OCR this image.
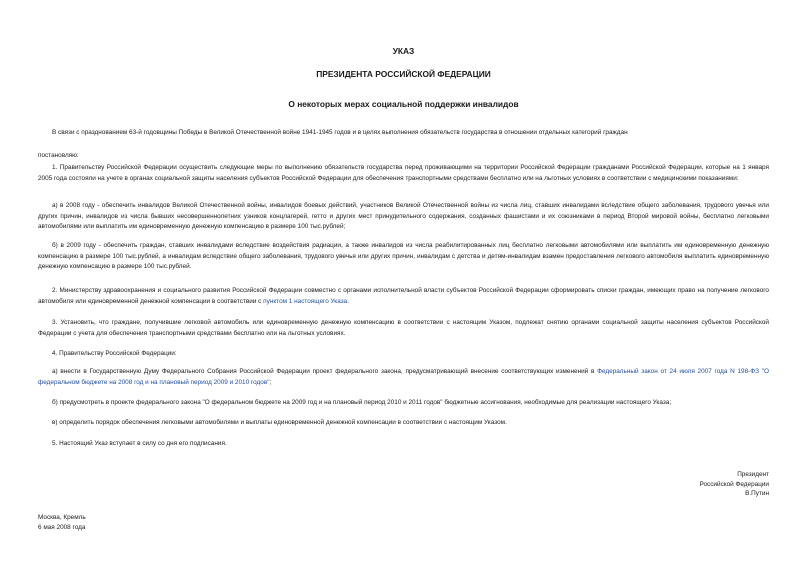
УКАЗ
ПРЕЗИДЕНТА РОССИЙСКОЙ ФЕДЕРАЦИИ
О некоторых мерах социальной поддержки инвалидов
В связи с празднованием 63-й годовщины Победы в Великой Отечественной войне 1941-1945 годов и в целях выполнения обязательств государства в отношении отдельных категорий граждан
постановляю:
1. Правительству Российской Федерации осуществить следующие меры по выполнению обязательств государства перед проживающими на территории Российской Федерации гражданами Российской Федерации, которые на 1 января 2005 года состояли на учете в органах социальной защиты населения субъектов Российской Федерации для обеспечения транспортными средствами бесплатно или на льготных условиях в соответствии с медицинскими показаниями:
а) в 2008 году - обеспечить инвалидов Великой Отечественной войны, инвалидов боевых действий, участников Великой Отечественной войны из числа лиц, ставших инвалидами вследствие общего заболевания, трудового увечья или других причин, инвалидов из числа бывших несовершеннолетних узников концлагерей, гетто и других мест принудительного содержания, созданных фашистами и их союзниками в период Второй мировой войны, бесплатно легковыми автомобилями или выплатить им единовременную денежную компенсацию в размере 100 тыс.рублей;
б) в 2009 году - обеспечить граждан, ставших инвалидами вследствие воздействия радиации, а также инвалидов из числа реабилитированных лиц бесплатно легковыми автомобилями или выплатить им единовременную денежную компенсацию в размере 100 тыс.рублей, а инвалидам вследствие общего заболевания, трудового увечья или других причин, инвалидам с детства и детям-инвалидам взамен предоставления легкового автомобиля выплатить единовременную денежную компенсацию в размере 100 тыс.рублей.
2. Министерству здравоохранения и социального развития Российской Федерации совместно с органами исполнительной власти субъектов Российской Федерации сформировать списки граждан, имеющих право на получение легкового автомобиля или единовременной денежной компенсации в соответствии с пунктом 1 настоящего Указа.
3. Установить, что граждане, получившие легковой автомобиль или единовременную денежную компенсацию в соответствии с настоящим Указом, подлежат снятию органами социальной защиты населения субъектов Российской Федерации с учета для обеспечения транспортными средствами бесплатно или на льготных условиях.
4. Правительству Российской Федерации:
а) внести в Государственную Думу Федерального Собрания Российской Федерации проект федерального закона, предусматривающий внесение соответствующих изменений в Федеральный закон от 24 июля 2007 года N 198-ФЗ "О федеральном бюджете на 2008 год и на плановый период 2009 и 2010 годов";
б) предусмотреть в проекте федерального закона "О федеральном бюджете на 2009 год и на плановый период 2010 и 2011 годов" бюджетные ассигнования, необходимые для реализации настоящего Указа;
в) определить порядок обеспечения легковыми автомобилями и выплаты единовременной денежной компенсации в соответствии с настоящим Указом.
5. Настоящий Указ вступает в силу со дня его подписания.
Президент
Российской Федерации
В.Путин
Москва, Кремль
6 мая 2008 года
